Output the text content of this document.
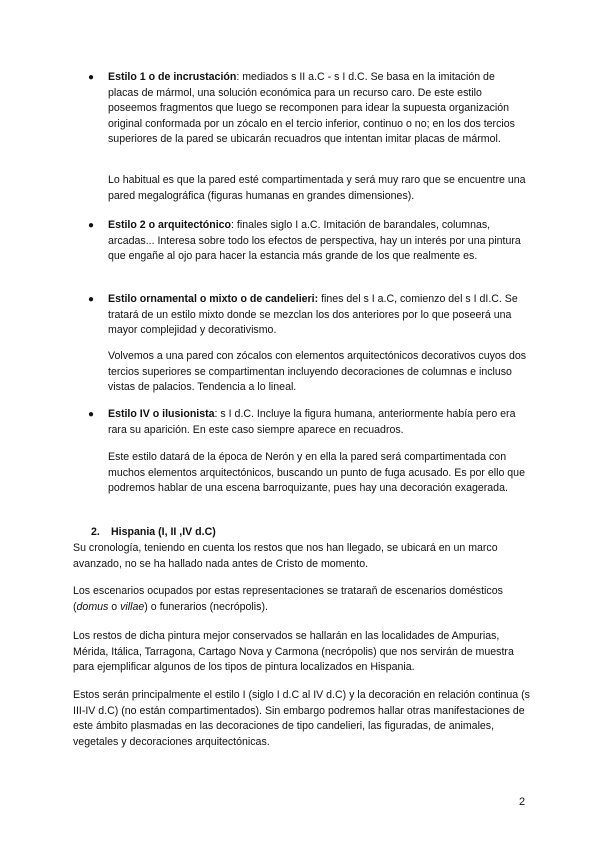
● Estilo 1 o de incrustación: mediados s II a.C - s I d.C. Se basa en la imitación de placas de mármol, una solución económica para un recurso caro. De este estilo poseemos fragmentos que luego se recomponen para idear la supuesta organización original conformada por un zócalo en el tercio inferior, continuo o no; en los dos tercios superiores de la pared se ubicarán recuadros que intentan imitar placas de mármol.

Lo habitual es que la pared esté compartimentada y será muy raro que se encuentre una pared megalográfica (figuras humanas en grandes dimensiones).

● Estilo 2 o arquitectónico: finales siglo I a.C. Imitación de barandales, columnas, arcadas... Interesa sobre todo los efectos de perspectiva, hay un interés por una pintura que engañe al ojo para hacer la estancia más grande de los que realmente es.

● Estilo ornamental o mixto o de candelieri: fines del s I a.C, comienzo del s I dI.C. Se tratará de un estilo mixto donde se mezclan los dos anteriores por lo que poseerá una mayor complejidad y decorativismo.

Volvemos a una pared con zócalos con elementos arquitectónicos decorativos cuyos dos tercios superiores se compartimentan incluyendo decoraciones de columnas e incluso vistas de palacios. Tendencia a lo lineal.

● Estilo IV o ilusionista: s I d.C. Incluye la figura humana, anteriormente había pero era rara su aparición. En este caso siempre aparece en recuadros.

Este estilo datará de la época de Nerón y en ella la pared será compartimentada con muchos elementos arquitectónicos, buscando un punto de fuga acusado. Es por ello que podremos hablar de una escena barroquizante, pues hay una decoración exagerada.

2. Hispania (I, II ,IV d.C)

Su cronología, teniendo en cuenta los restos que nos han llegado, se ubicará en un marco avanzado, no se ha hallado nada antes de Cristo de momento.

Los escenarios ocupados por estas representaciones se trataraň de escenarios domésticos (domus o villae) o funerarios (necrópolis).

Los restos de dicha pintura mejor conservados se hallarán en las localidades de Ampurias, Mérida, Itálica, Tarragona, Cartago Nova y Carmona (necrópolis) que nos servirán de muestra para ejemplificar algunos de los tipos de pintura localizados en Hispania.

Estos serán principalmente el estilo I (siglo I d.C al IV d.C) y la decoración en relación continua (s III-IV d.C) (no están compartimentados). Sin embargo podremos hallar otras manifestaciones de este ámbito plasmadas en las decoraciones de tipo candelieri, las figuradas, de animales, vegetales y decoraciones arquitectónicas.

2
